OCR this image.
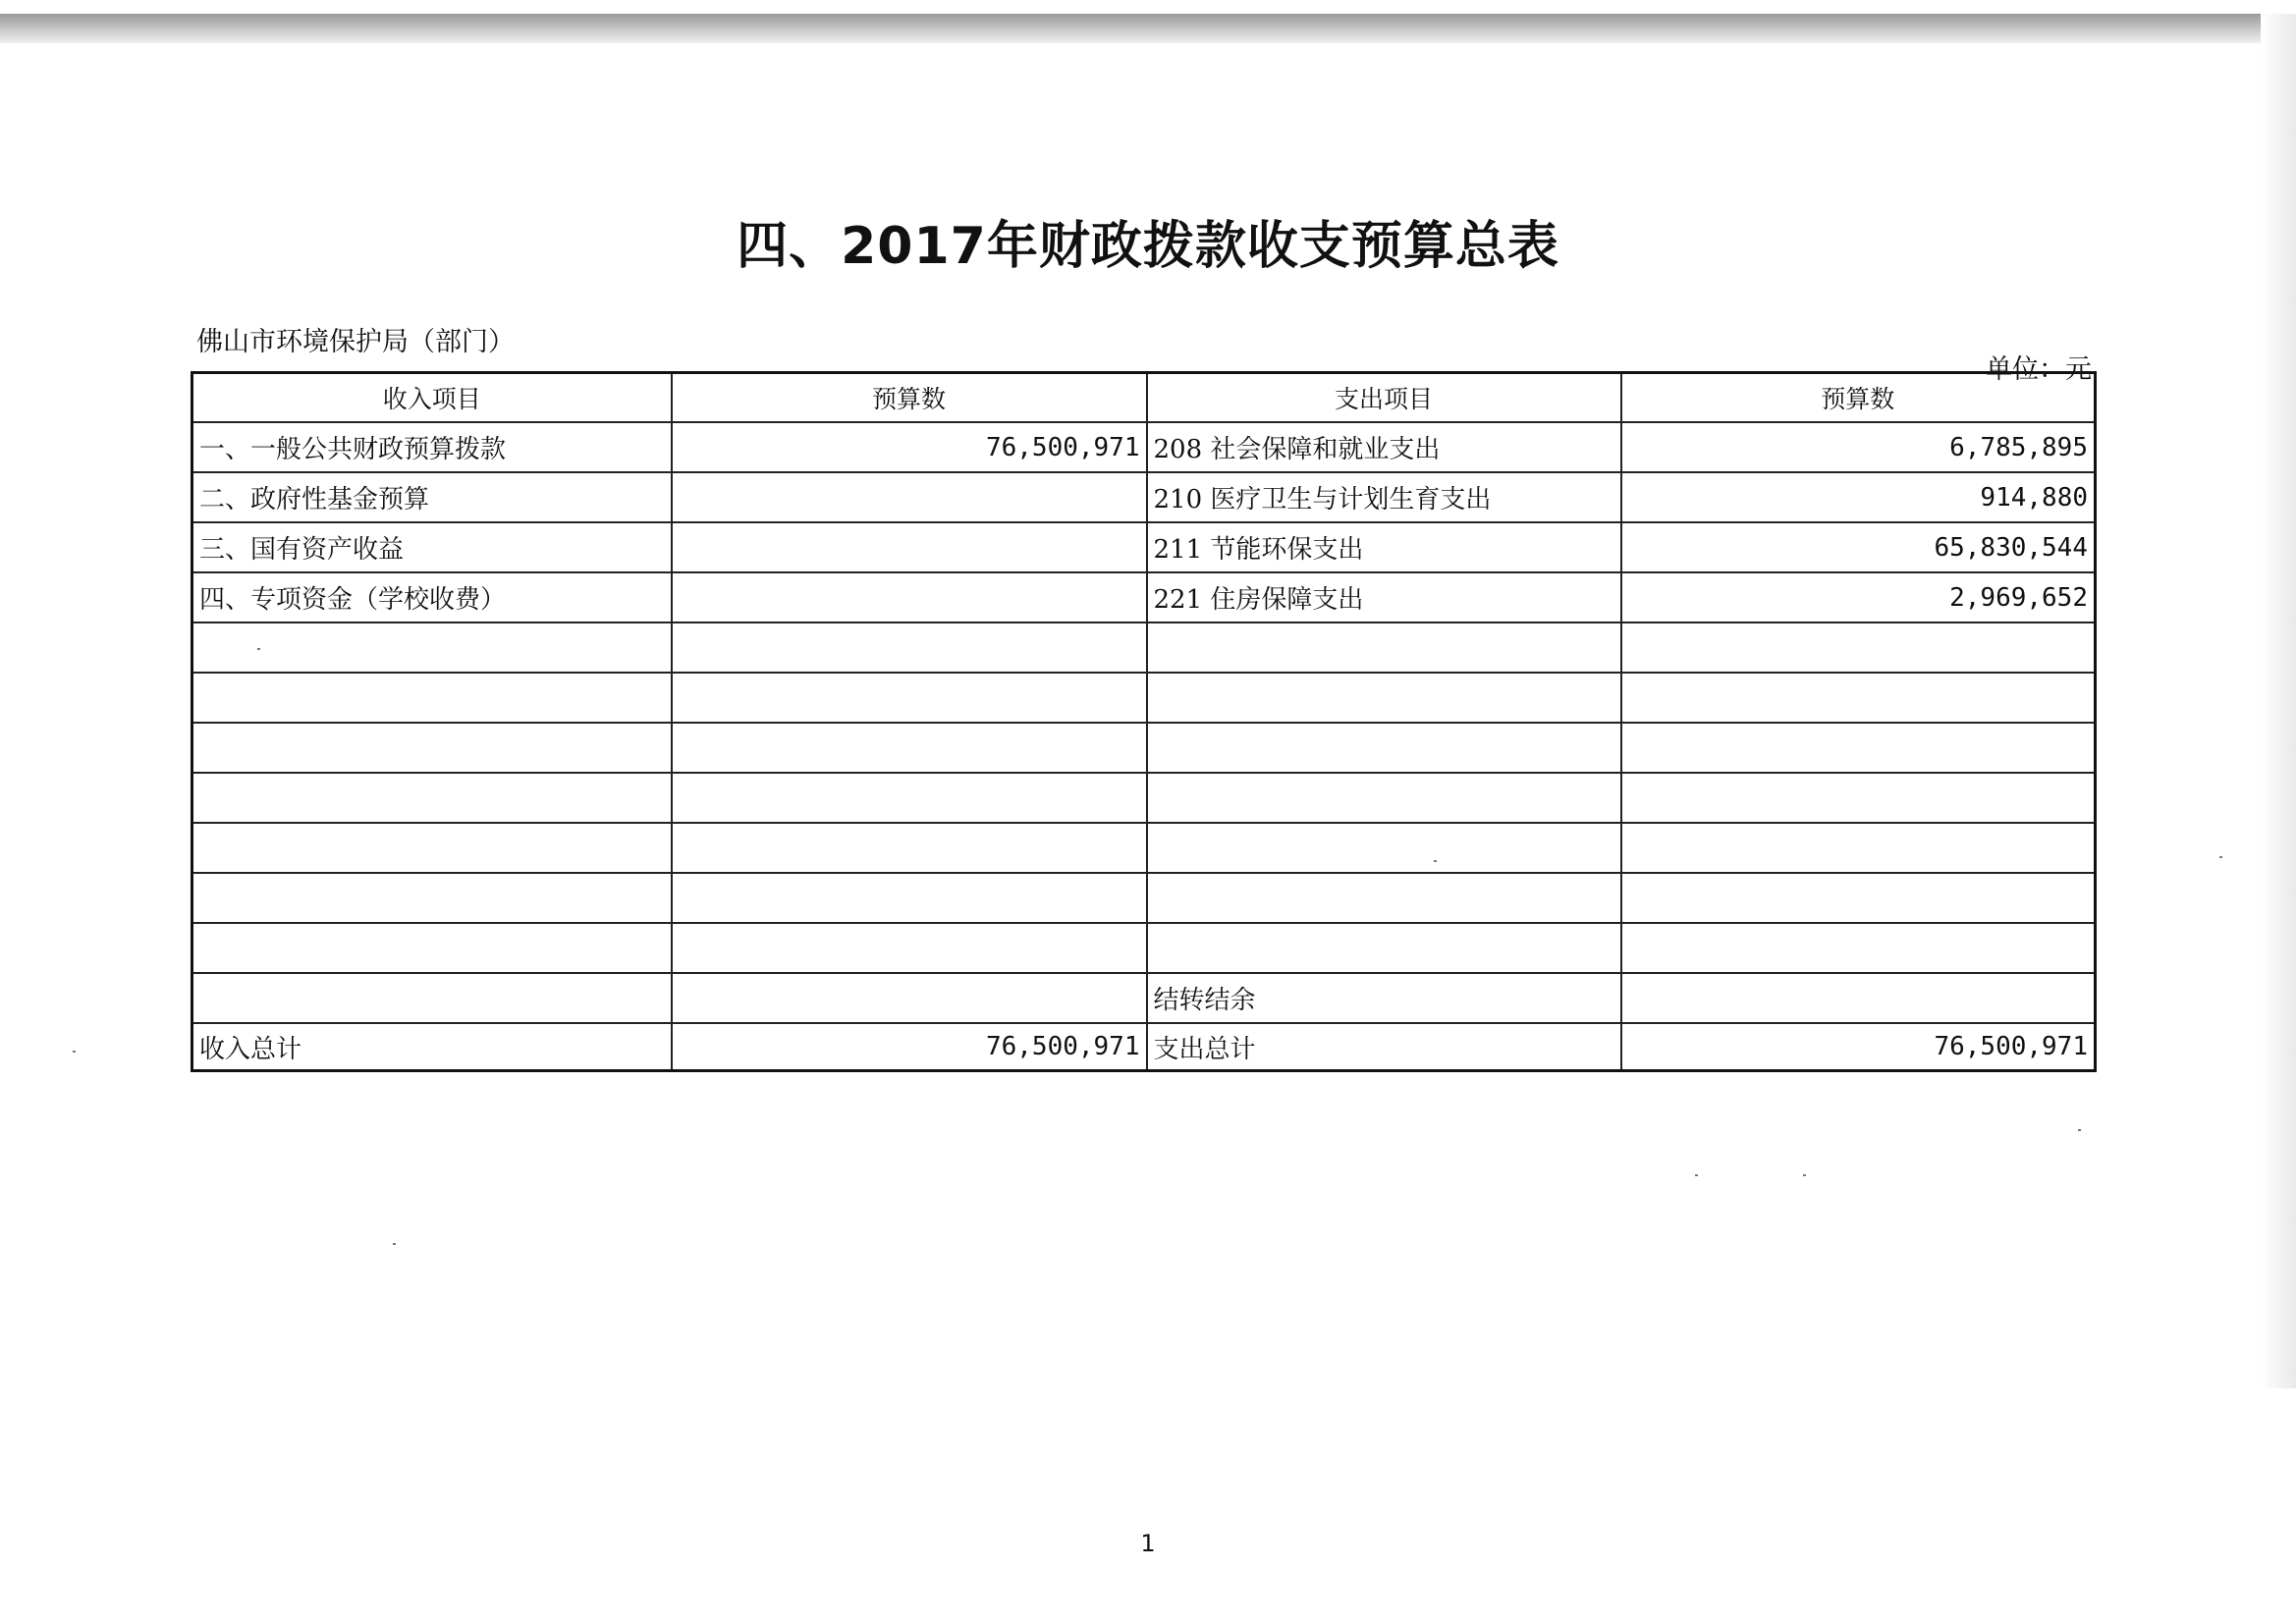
四、2017年财政拨款收支预算总表
佛山市环境保护局（部门）
单位：元
收入项目	预算数	支出项目	预算数
一、一般公共财政预算拨款	76,500,971	208 社会保障和就业支出	6,785,895
二、政府性基金预算		210 医疗卫生与计划生育支出	914,880
三、国有资产收益		211 节能环保支出	65,830,544
四、专项资金（学校收费）		221 住房保障支出	2,969,652

		结转结余	
收入总计	76,500,971	支出总计	76,500,971
1
